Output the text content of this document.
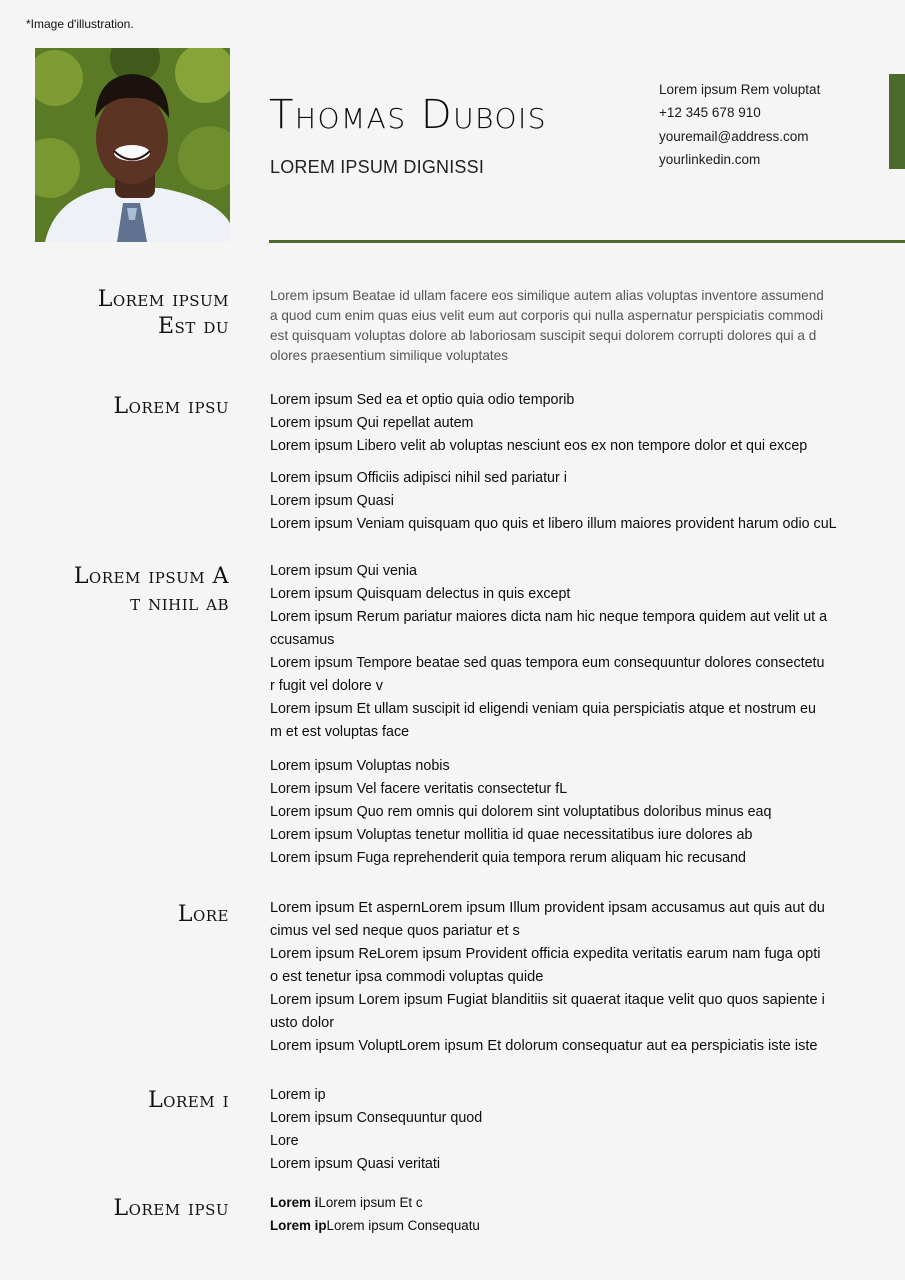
*Image d'illustration.
Thomas Dubois
LOREM IPSUM DIGNISSI
Lorem ipsum Rem voluptat
+12 345 678 910
youremail@address.com
yourlinkedin.com
Lorem ipsum
Est du
Lorem ipsum Beatae id ullam facere eos similique autem alias voluptas inventore assumend
a quod cum enim quas eius velit eum aut corporis qui nulla aspernatur perspiciatis commodi
est quisquam voluptas dolore ab laboriosam suscipit sequi dolorem corrupti dolores qui a d
olores praesentium similique voluptates
Lorem ipsu	Lorem ipsum Sed ea et optio quia odio temporib
Lorem ipsum Qui repellat autem
Lorem ipsum Libero velit ab voluptas nesciunt eos ex non tempore dolor et qui excep
Lorem ipsum Officiis adipisci nihil sed pariatur i
Lorem ipsum Quasi
Lorem ipsum Veniam quisquam quo quis et libero illum maiores provident harum odio cuL
Lorem ipsum A
t nihil ab
Lorem ipsum Qui venia
Lorem ipsum Quisquam delectus in quis except
Lorem ipsum Rerum pariatur maiores dicta nam hic neque tempora quidem aut velit ut a
ccusamus
Lorem ipsum Tempore beatae sed quas tempora eum consequuntur dolores consectetu
r fugit vel dolore v
Lorem ipsum Et ullam suscipit id eligendi veniam quia perspiciatis atque et nostrum eu
m et est voluptas face
Lorem ipsum Voluptas nobis
Lorem ipsum Vel facere veritatis consectetur fL
Lorem ipsum Quo rem omnis qui dolorem sint voluptatibus doloribus minus eaq
Lorem ipsum Voluptas tenetur mollitia id quae necessitatibus iure dolores ab
Lorem ipsum Fuga reprehenderit quia tempora rerum aliquam hic recusand
Lore	Lorem ipsum Et aspernLorem ipsum Illum provident ipsam accusamus aut quis aut du
cimus vel sed neque quos pariatur et s
Lorem ipsum ReLorem ipsum Provident officia expedita veritatis earum nam fuga opti
o est tenetur ipsa commodi voluptas quide
Lorem ipsum Lorem ipsum Fugiat blanditiis sit quaerat itaque velit quo quos sapiente i
usto dolor
Lorem ipsum VoluptLorem ipsum Et dolorum consequatur aut ea perspiciatis iste iste
Lorem i	Lorem ip
Lorem ipsum Consequuntur quod
Lore
Lorem ipsum Quasi veritati
Lorem ipsu	Lorem iLorem ipsum Et c
Lorem ipLorem ipsum Consequatu
